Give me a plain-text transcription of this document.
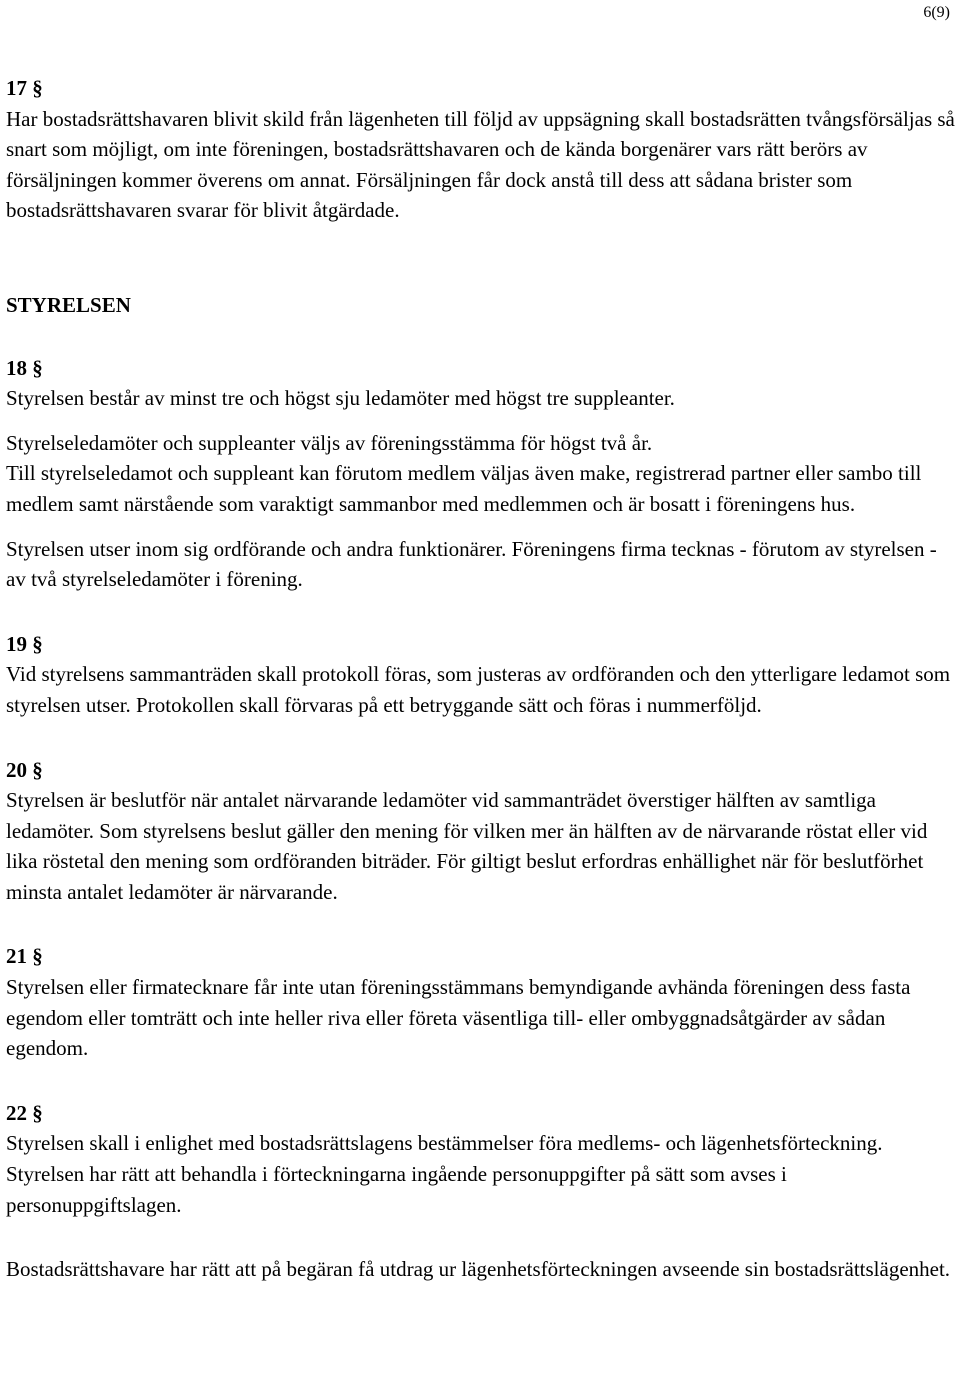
6(9)

17 §

Har bostadsrättshavaren blivit skild från lägenheten till följd av uppsägning skall bostadsrätten tvångsförsäljas så snart som möjligt, om inte föreningen, bostadsrättshavaren och de kända borgenärer vars rätt berörs av försäljningen kommer överens om annat. Försäljningen får dock anstå till dess att sådana brister som bostadsrättshavaren svarar för blivit åtgärdade.

STYRELSEN

18 §

Styrelsen består av minst tre och högst sju ledamöter med högst tre suppleanter.

Styrelseledamöter och suppleanter väljs av föreningsstämma för högst två år.

Till styrelseledamot och suppleant kan förutom medlem väljas även make, registrerad partner eller sambo till medlem samt närstående som varaktigt sammanbor med medlemmen och är bosatt i föreningens hus.

Styrelsen utser inom sig ordförande och andra funktionärer. Föreningens firma tecknas - förutom av styrelsen - av två styrelseledamöter i förening.

19 §

Vid styrelsens sammanträden skall protokoll föras, som justeras av ordföranden och den ytterligare ledamot som styrelsen utser. Protokollen skall förvaras på ett betryggande sätt och föras i nummerföljd.

20 §

Styrelsen är beslutför när antalet närvarande ledamöter vid sammanträdet överstiger hälften av samtliga ledamöter. Som styrelsens beslut gäller den mening för vilken mer än hälften av de närvarande röstat eller vid lika röstetal den mening som ordföranden biträder. För giltigt beslut erfordras enhällighet när för beslutförhet minsta antalet ledamöter är närvarande.

21 §

Styrelsen eller firmatecknare får inte utan föreningsstämmans bemyndigande avhända föreningen dess fasta egendom eller tomträtt och inte heller riva eller företa väsentliga till- eller ombyggnadsåtgärder av sådan egendom.

22 §

Styrelsen skall i enlighet med bostadsrättslagens bestämmelser föra medlems- och lägenhetsförteckning. Styrelsen har rätt att behandla i förteckningarna ingående personuppgifter på sätt som avses i personuppgiftslagen.

Bostadsrättshavare har rätt att på begäran få utdrag ur lägenhetsförteckningen avseende sin bostadsrättslägenhet.
